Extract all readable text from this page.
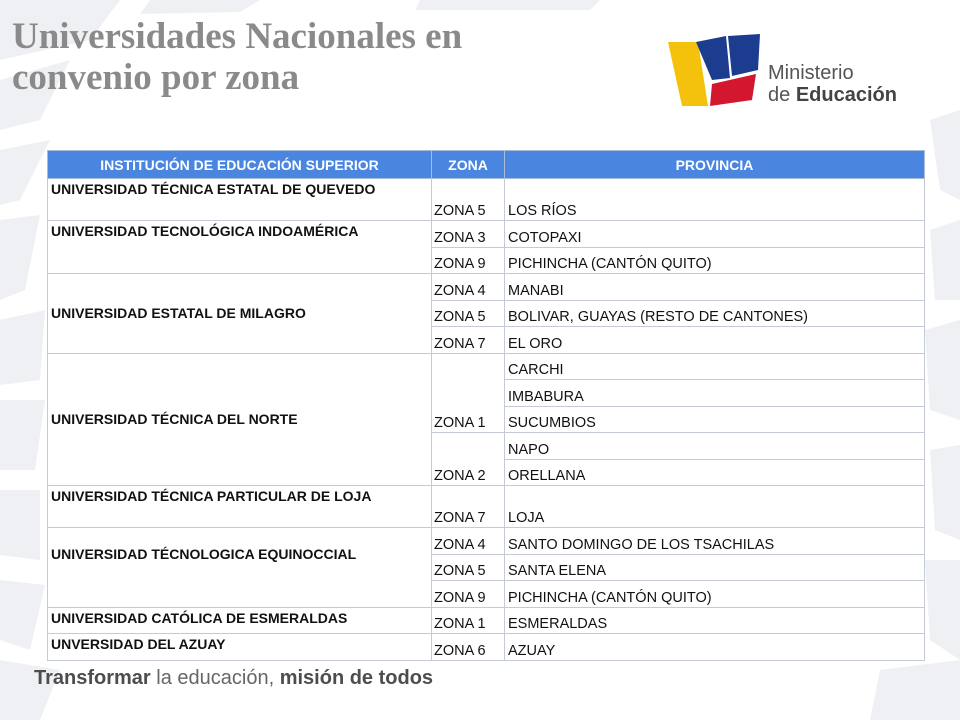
Universidades Nacionales en
convenio por zona	Ministerio
de Educación
INSTITUCIÓN DE EDUCACIÓN SUPERIOR	ZONA	PROVINCIA
UNIVERSIDAD TÉCNICA ESTATAL DE QUEVEDO	ZONA 5	LOS RÍOS
UNIVERSIDAD TECNOLÓGICA INDOAMÉRICA	ZONA 3	COTOPAXI
	ZONA 9	PICHINCHA (CANTÓN QUITO)
UNIVERSIDAD ESTATAL DE MILAGRO	ZONA 4	MANABI
	ZONA 5	BOLIVAR, GUAYAS (RESTO DE CANTONES)
	ZONA 7	EL ORO
UNIVERSIDAD TÉCNICA DEL NORTE	ZONA 1	CARCHI
		IMBABURA
		SUCUMBIOS
	ZONA 2	NAPO
		ORELLANA
UNIVERSIDAD TÉCNICA PARTICULAR DE LOJA	ZONA 7	LOJA
UNIVERSIDAD TÉCNOLOGICA EQUINOCCIAL	ZONA 4	SANTO DOMINGO DE LOS TSACHILAS
	ZONA 5	SANTA ELENA
	ZONA 9	PICHINCHA (CANTÓN QUITO)
UNIVERSIDAD CATÓLICA DE ESMERALDAS	ZONA 1	ESMERALDAS
UNVERSIDAD DEL AZUAY	ZONA 6	AZUAY
Transformar la educación, misión de todos
